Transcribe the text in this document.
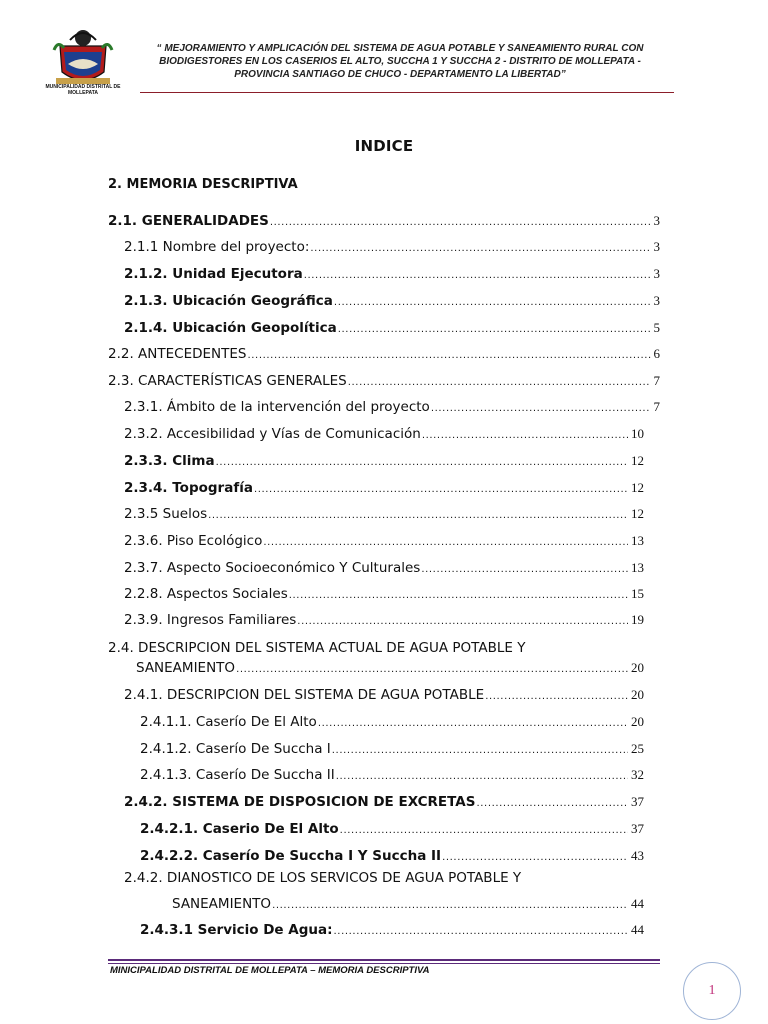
MUNICIPALIDAD DISTRITAL DE MOLLEPATA
“ MEJORAMIENTO Y AMPLICACIÓN DEL SISTEMA DE AGUA POTABLE Y SANEAMIENTO RURAL CON
BIODIGESTORES EN LOS CASERIOS EL ALTO, SUCCHA 1 Y SUCCHA 2 - DISTRITO DE MOLLEPATA -
PROVINCIA SANTIAGO DE CHUCO - DEPARTAMENTO LA LIBERTAD”
INDICE
2. MEMORIA DESCRIPTIVA
2.1. GENERALIDADES .....	3
2.1.1 Nombre del proyecto: .....	3
2.1.2. Unidad Ejecutora .....	3
2.1.3. Ubicación Geográfica .....	3
2.1.4. Ubicación Geopolítica .....	5
2.2. ANTECEDENTES .....	6
2.3. CARACTERÍSTICAS GENERALES .....	7
2.3.1. Ámbito de la intervención del proyecto .....	7
2.3.2. Accesibilidad y Vías de Comunicación .....	10
2.3.3. Clima .....	12
2.3.4. Topografía .....	12
2.3.5 Suelos .....	12
2.3.6. Piso Ecológico .....	13
2.3.7. Aspecto Socioeconómico Y Culturales .....	13
2.2.8. Aspectos Sociales .....	15
2.3.9. Ingresos Familiares .....	19
2.4. DESCRIPCION DEL SISTEMA ACTUAL DE AGUA POTABLE Y
SANEAMIENTO .....	20
2.4.1. DESCRIPCION DEL SISTEMA DE AGUA POTABLE .....	20
2.4.1.1. Caserío De El Alto .....	20
2.4.1.2. Caserío De Succha I .....	25
2.4.1.3. Caserío De Succha II .....	32
2.4.2. SISTEMA DE DISPOSICION DE EXCRETAS .....	37
2.4.2.1. Caserio De El Alto .....	37
2.4.2.2. Caserío De Succha I Y Succha II .....	43
2.4.2. DIANOSTICO DE LOS SERVICOS DE AGUA POTABLE Y
SANEAMIENTO .....	44
2.4.3.1 Servicio De Agua: .....	44
MINICIPALIDAD DISTRITAL DE MOLLEPATA – MEMORIA DESCRIPTIVA
1
